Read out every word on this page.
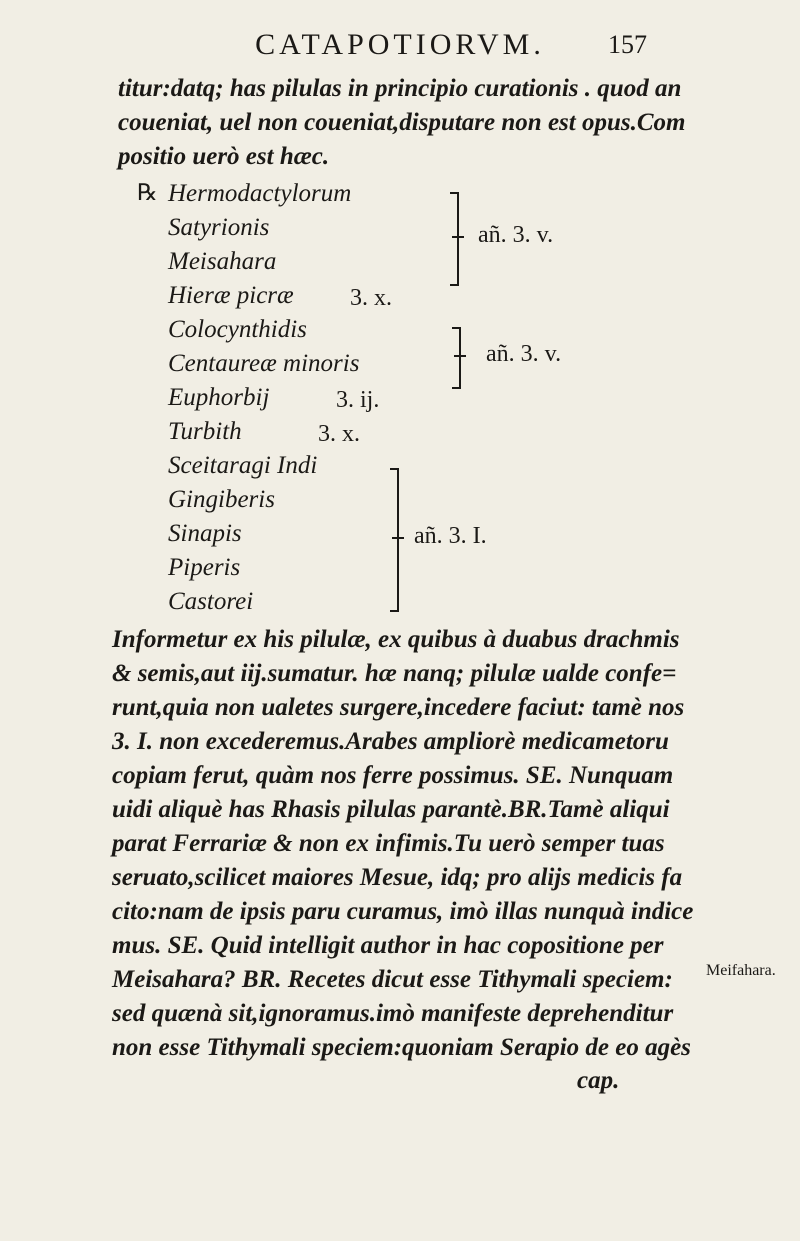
CATAPOTIORVM.	157
titur:datq; has pilulas in principio curationis . quod an
coueniat, uel non coueniat,disputare non est opus.Com
positio uerò est hæc.
℞ Hermodactylorum
Satyrionis
Meisahara
Hieræ picræ
Colocynthidis
Centaureæ minoris
Euphorbij
Turbith
Sceitaragi Indi
Gingiberis
Sinapis
Piperis
Castorei
añ. 3. v.
3. x.
añ. 3. v.
3. ij.
3. x.
añ. 3. I.
Informetur ex his pilulæ, ex quibus à duabus drachmis
& semis,aut iij.sumatur. hæ nanq; pilulæ ualde confe=
runt,quia non ualetes surgere,incedere faciut: tamè nos
3. I. non excederemus.Arabes ampliorè medicametoru
copiam ferut, quàm nos ferre possimus. SE. Nunquam
uidi aliquè has Rhasis pilulas parantè.BR.Tamè aliqui
parat Ferrariæ & non ex infimis.Tu uerò semper tuas
seruato,scilicet maiores Mesue, idq; pro alijs medicis fa
cito:nam de ipsis paru curamus, imò illas nunquà indice
mus. SE. Quid intelligit author in hac copositione per
Meisahara? BR. Recetes dicut esse Tithymali speciem:
sed quænà sit,ignoramus.imò manifeste deprehenditur
non esse Tithymali speciem:quoniam Serapio de eo agès
Meifahara.
cap.
